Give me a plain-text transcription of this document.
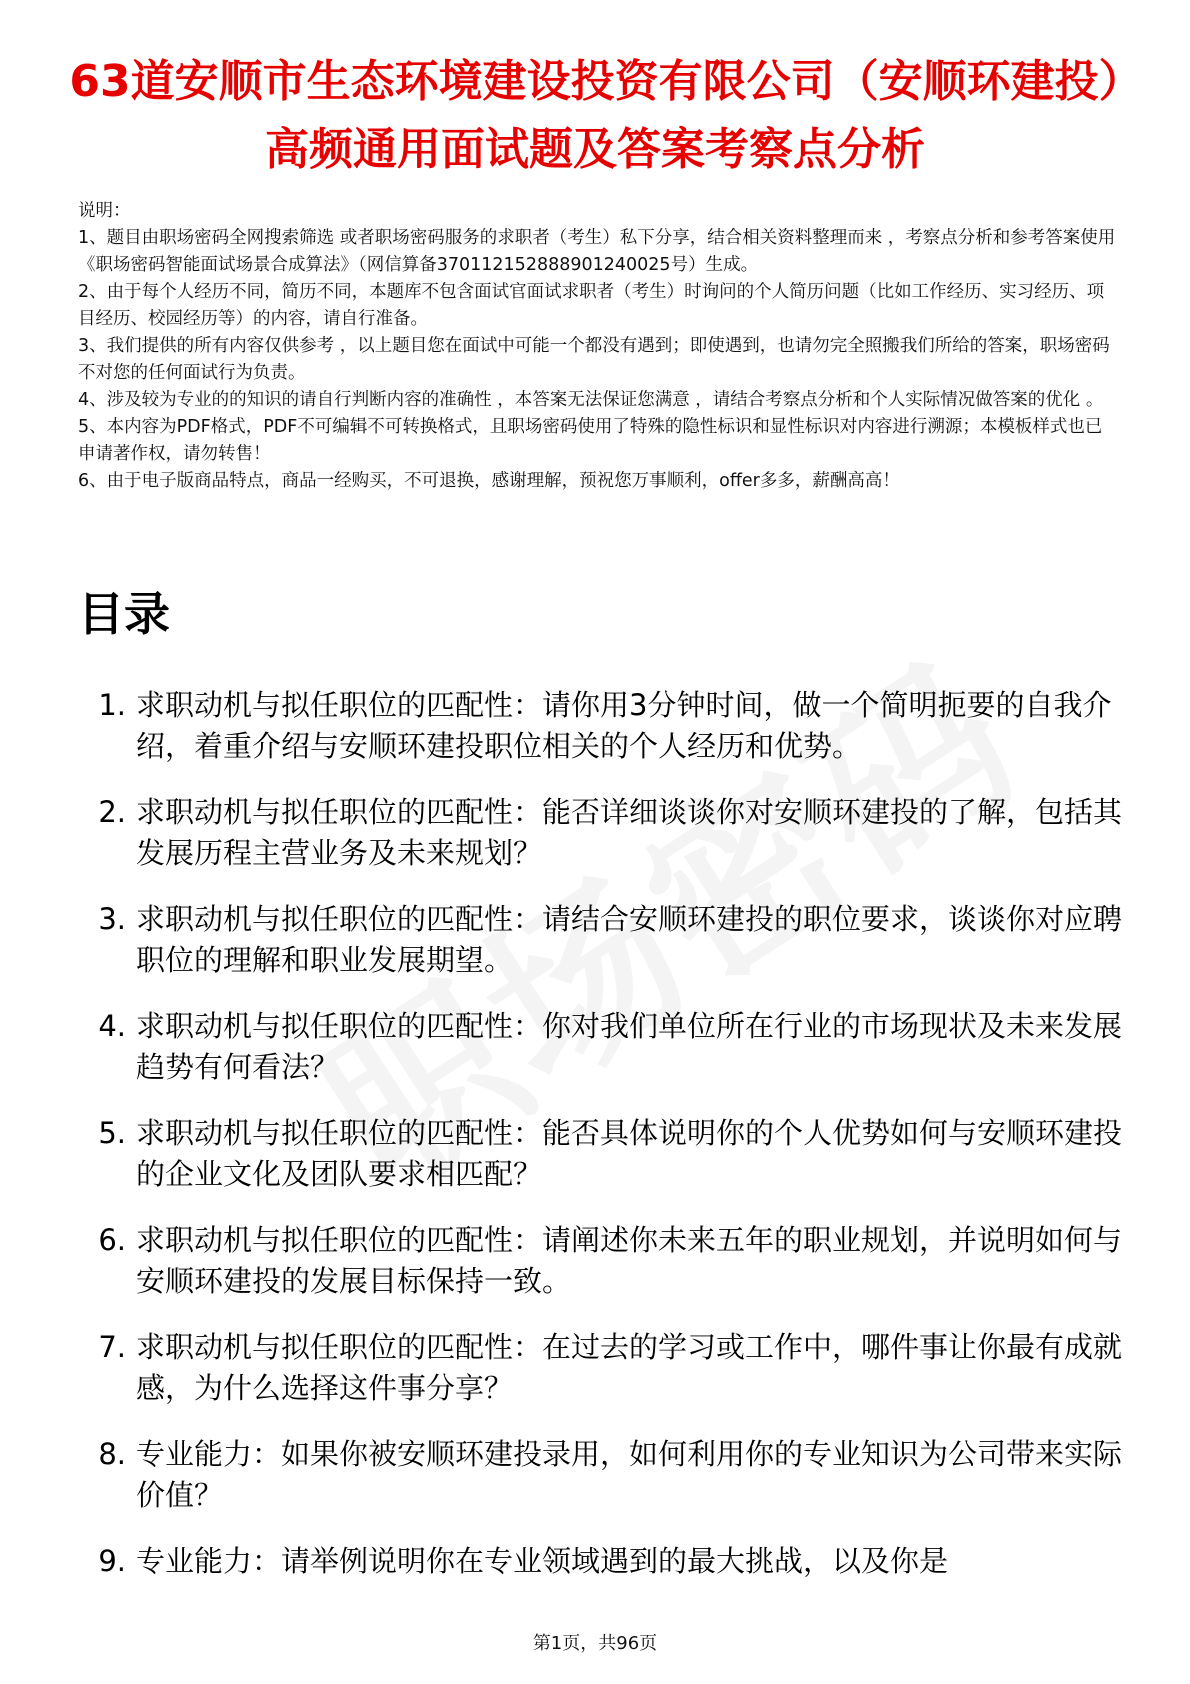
63道安顺市生态环境建设投资有限公司（安顺环建投）高频通用面试题及答案考察点分析

说明：

1、题目由职场密码全网搜索筛选 或者职场密码服务的求职者（考生）私下分享，结合相关资料整理而来 ，考察点分析和参考答案使用《职场密码智能面试场景合成算法》（网信算备370112152888901240025号）生成。

2、由于每个人经历不同，简历不同，本题库不包含面试官面试求职者（考生）时询问的个人简历问题（比如工作经历、实习经历、项目经历、校园经历等）的内容，请自行准备。

3、我们提供的所有内容仅供参考 ，以上题目您在面试中可能一个都没有遇到；即使遇到，也请勿完全照搬我们所给的答案，职场密码不对您的任何面试行为负责。

4、涉及较为专业的的知识的请自行判断内容的准确性 ，本答案无法保证您满意 ，请结合考察点分析和个人实际情况做答案的优化 。

5、本内容为PDF格式，PDF不可编辑不可转换格式，且职场密码使用了特殊的隐性标识和显性标识对内容进行溯源；本模板样式也已申请著作权，请勿转售！

6、由于电子版商品特点，商品一经购买，不可退换，感谢理解，预祝您万事顺利，offer多多，薪酬高高！

目录
1. 求职动机与拟任职位的匹配性：请你用3分钟时间，做一个简明扼要的自我介绍，着重介绍与安顺环建投职位相关的个人经历和优势。
2. 求职动机与拟任职位的匹配性：能否详细谈谈你对安顺环建投的了解，包括其发展历程主营业务及未来规划？
3. 求职动机与拟任职位的匹配性：请结合安顺环建投的职位要求，谈谈你对应聘职位的理解和职业发展期望。
4. 求职动机与拟任职位的匹配性：你对我们单位所在行业的市场现状及未来发展趋势有何看法？
5. 求职动机与拟任职位的匹配性：能否具体说明你的个人优势如何与安顺环建投的企业文化及团队要求相匹配？
6. 求职动机与拟任职位的匹配性：请阐述你未来五年的职业规划，并说明如何与安顺环建投的发展目标保持一致。
7. 求职动机与拟任职位的匹配性：在过去的学习或工作中，哪件事让你最有成就感，为什么选择这件事分享？
8. 专业能力：如果你被安顺环建投录用，如何利用你的专业知识为公司带来实际价值？
9. 专业能力：请举例说明你在专业领域遇到的最大挑战，以及你是
第1页，共96页
